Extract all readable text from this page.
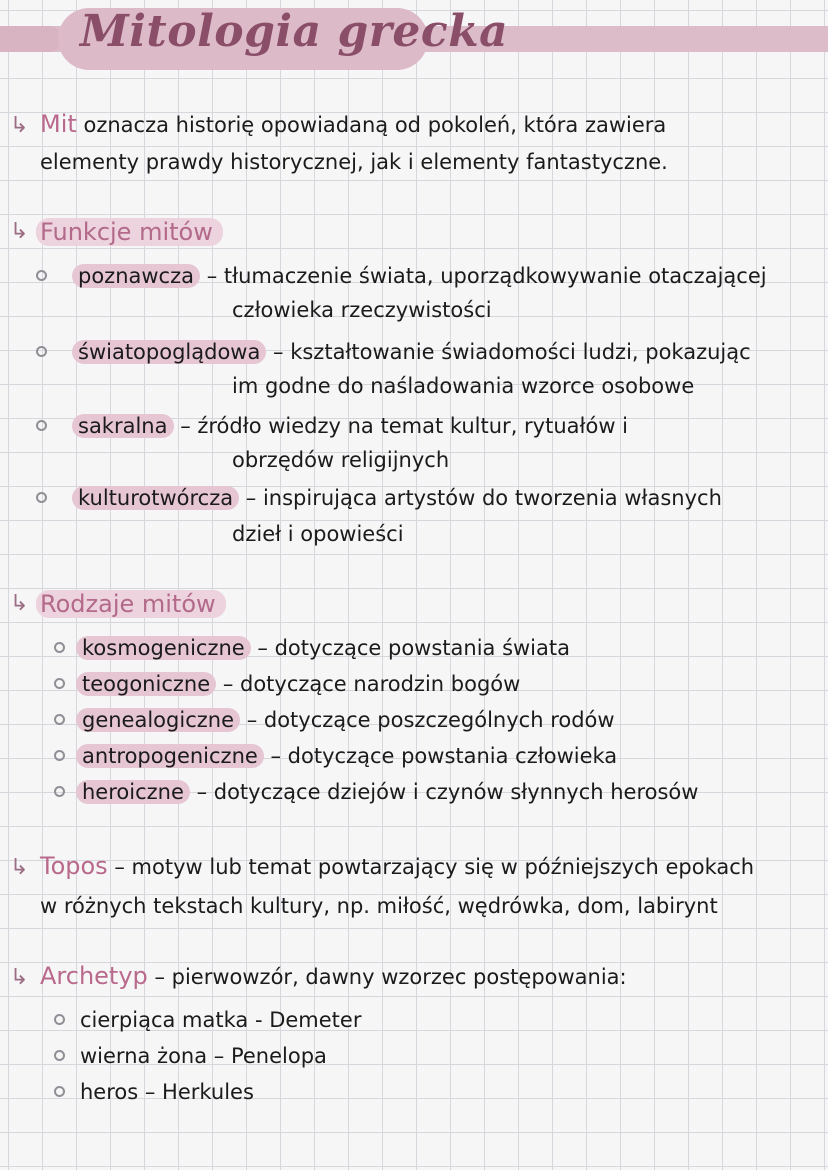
Mitologia grecka
↳ Mit oznacza historię opowiadaną od pokoleń, która zawiera
elementy prawdy historycznej, jak i elementy fantastyczne.
↳ Funkcje mitów
poznawcza – tłumaczenie świata, uporządkowywanie otaczającej
człowieka rzeczywistości
światopoglądowa – kształtowanie świadomości ludzi, pokazując
im godne do naśladowania wzorce osobowe
sakralna – źródło wiedzy na temat kultur, rytuałów i
obrzędów religijnych
kulturotwórcza – inspirująca artystów do tworzenia własnych
dzieł i opowieści
↳ Rodzaje mitów
kosmogeniczne – dotyczące powstania świata
teogoniczne – dotyczące narodzin bogów
genealogiczne – dotyczące poszczególnych rodów
antropogeniczne – dotyczące powstania człowieka
heroiczne – dotyczące dziejów i czynów słynnych herosów
↳ Topos – motyw lub temat powtarzający się w późniejszych epokach
w różnych tekstach kultury, np. miłość, wędrówka, dom, labirynt
↳ Archetyp – pierwowzór, dawny wzorzec postępowania:
cierpiąca matka - Demeter
wierna żona – Penelopa
heros – Herkules
